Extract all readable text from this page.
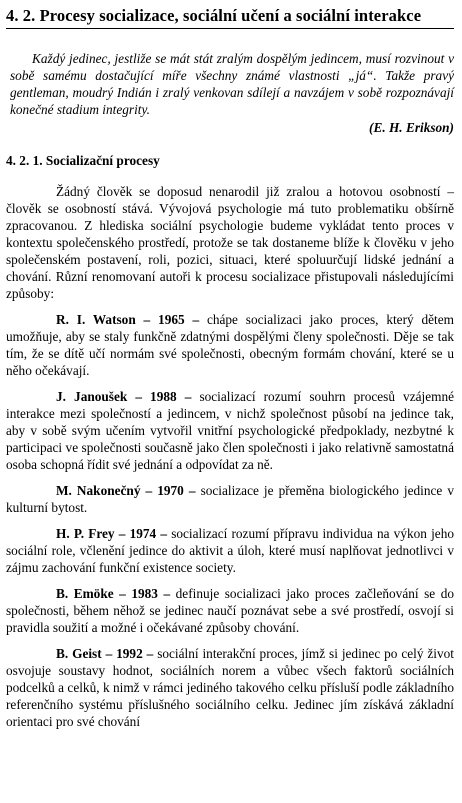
4. 2. Procesy socializace, sociální učení a sociální interakce

Každý jedinec, jestliže se mát stát zralým dospělým jedincem, musí rozvinout v sobě samému dostačující míře všechny známé vlastnosti „já“. Takže pravý gentleman, moudrý Indián i zralý venkovan sdílejí a navzájem v sobě rozpoznávají konečné stadium integrity.

(E. H. Erikson)

4. 2. 1. Socializační procesy

Žádný člověk se doposud nenarodil již zralou a hotovou osobností – člověk se osobností stává. Vývojová psychologie má tuto problematiku obšírně zpracovanou. Z hlediska sociální psychologie budeme vykládat tento proces v kontextu společenského prostředí, protože se tak dostaneme blíže k člověku v jeho společenském postavení, roli, pozici, situaci, které spoluurčují lidské jednání a chování. Různí renomovaní autoři k procesu socializace přistupovali následujícími způsoby:

R. I. Watson – 1965 – chápe socializaci jako proces, který dětem umožňuje, aby se staly funkčně zdatnými dospělými členy společnosti. Děje se tak tím, že se dítě učí normám své společnosti, obecným formám chování, které se u něho očekávají.

J. Janoušek – 1988 – socializací rozumí souhrn procesů vzájemné interakce mezi společností a jedincem, v nichž společnost působí na jedince tak, aby v sobě svým učením vytvořil vnitřní psychologické předpoklady, nezbytné k participaci ve společnosti současně jako člen společnosti i jako relativně samostatná osoba schopná řídit své jednání a odpovídat za ně.

M. Nakonečný – 1970 – socializace je přeměna biologického jedince v kulturní bytost.

H. P. Frey – 1974 – socializací rozumí přípravu individua na výkon jeho sociální role, včlenění jedince do aktivit a úloh, které musí naplňovat jednotlivci v zájmu zachování funkční existence society.

B. Emöke – 1983 – definuje socializaci jako proces začleňování se do společnosti, během něhož se jedinec naučí poznávat sebe a své prostředí, osvojí si pravidla soužití a možné i očekávané způsoby chování.

B. Geist – 1992 – sociální interakční proces, jímž si jedinec po celý život osvojuje soustavy hodnot, sociálních norem a vůbec všech faktorů sociálních podcelků a celků, k nimž v rámci jediného takového celku přísluší podle základního referenčního systému příslušného sociálního celku. Jedinec jím získává základní orientaci pro své chování
